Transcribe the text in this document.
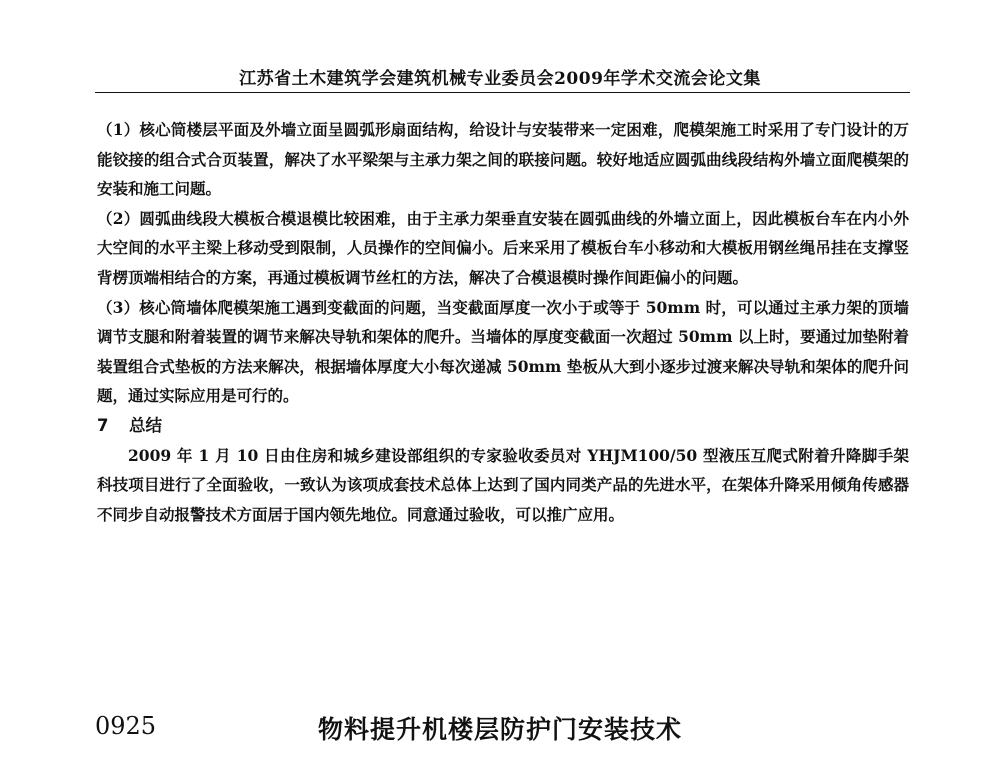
江苏省土木建筑学会建筑机械专业委员会2009年学术交流会论文集

（1）核心筒楼层平面及外墙立面呈圆弧形扇面结构，给设计与安装带来一定困难，爬模架施工时采用了专门设计的万能铰接的组合式合页装置，解决了水平梁架与主承力架之间的联接问题。较好地适应圆弧曲线段结构外墙立面爬模架的安装和施工问题。

（2）圆弧曲线段大模板合模退模比较困难，由于主承力架垂直安装在圆弧曲线的外墙立面上，因此模板台车在内小外大空间的水平主梁上移动受到限制，人员操作的空间偏小。后来采用了模板台车小移动和大模板用钢丝绳吊挂在支撑竖背楞顶端相结合的方案，再通过模板调节丝杠的方法，解决了合模退模时操作间距偏小的问题。

（3）核心筒墙体爬模架施工遇到变截面的问题，当变截面厚度一次小于或等于 50mm 时，可以通过主承力架的顶墙调节支腿和附着装置的调节来解决导轨和架体的爬升。当墙体的厚度变截面一次超过 50mm 以上时，要通过加垫附着装置组合式垫板的方法来解决，根据墙体厚度大小每次递减 50mm 垫板从大到小逐步过渡来解决导轨和架体的爬升问题，通过实际应用是可行的。

7 总结

2009 年 1 月 10 日由住房和城乡建设部组织的专家验收委员对 YHJM100/50 型液压互爬式附着升降脚手架科技项目进行了全面验收，一致认为该项成套技术总体上达到了国内同类产品的先进水平，在架体升降采用倾角传感器不同步自动报警技术方面居于国内领先地位。同意通过验收，可以推广应用。

0925	物料提升机楼层防护门安装技术
